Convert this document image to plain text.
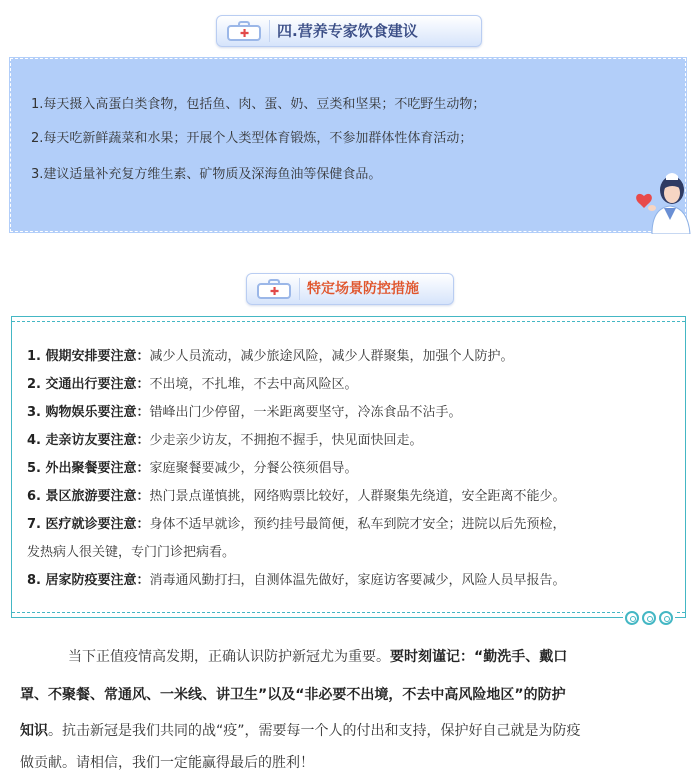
✚ 四.营养专家饮食建议
1.每天摄入高蛋白类食物，包括鱼、肉、蛋、奶、豆类和坚果；不吃野生动物；
2.每天吃新鲜蔬菜和水果；开展个人类型体育锻炼，不参加群体性体育活动；
3.建议适量补充复方维生素、矿物质及深海鱼油等保健食品。
✚ 特定场景防控措施
1. 假期安排要注意：减少人员流动，减少旅途风险，减少人群聚集，加强个人防护。
2. 交通出行要注意：不出境，不扎堆，不去中高风险区。
3. 购物娱乐要注意：错峰出门少停留，一米距离要坚守，冷冻食品不沾手。
4. 走亲访友要注意：少走亲少访友，不拥抱不握手，快见面快回走。
5. 外出聚餐要注意：家庭聚餐要减少，分餐公筷须倡导。
6. 景区旅游要注意：热门景点谨慎挑，网络购票比较好，人群聚集先绕道，安全距离不能少。
7. 医疗就诊要注意：身体不适早就诊，预约挂号最简便，私车到院才安全；进院以后先预检，
发热病人很关键，专门门诊把病看。
8. 居家防疫要注意：消毒通风勤打扫，自测体温先做好，家庭访客要减少，风险人员早报告。
当下正值疫情高发期，正确认识防护新冠尤为重要。要时刻谨记：“勤洗手、戴口
罩、不聚餐、常通风、一米线、讲卫生”以及“非必要不出境，不去中高风险地区”的防护
知识。抗击新冠是我们共同的战“疫”，需要每一个人的付出和支持，保护好自己就是为防疫
做贡献。请相信，我们一定能赢得最后的胜利！
